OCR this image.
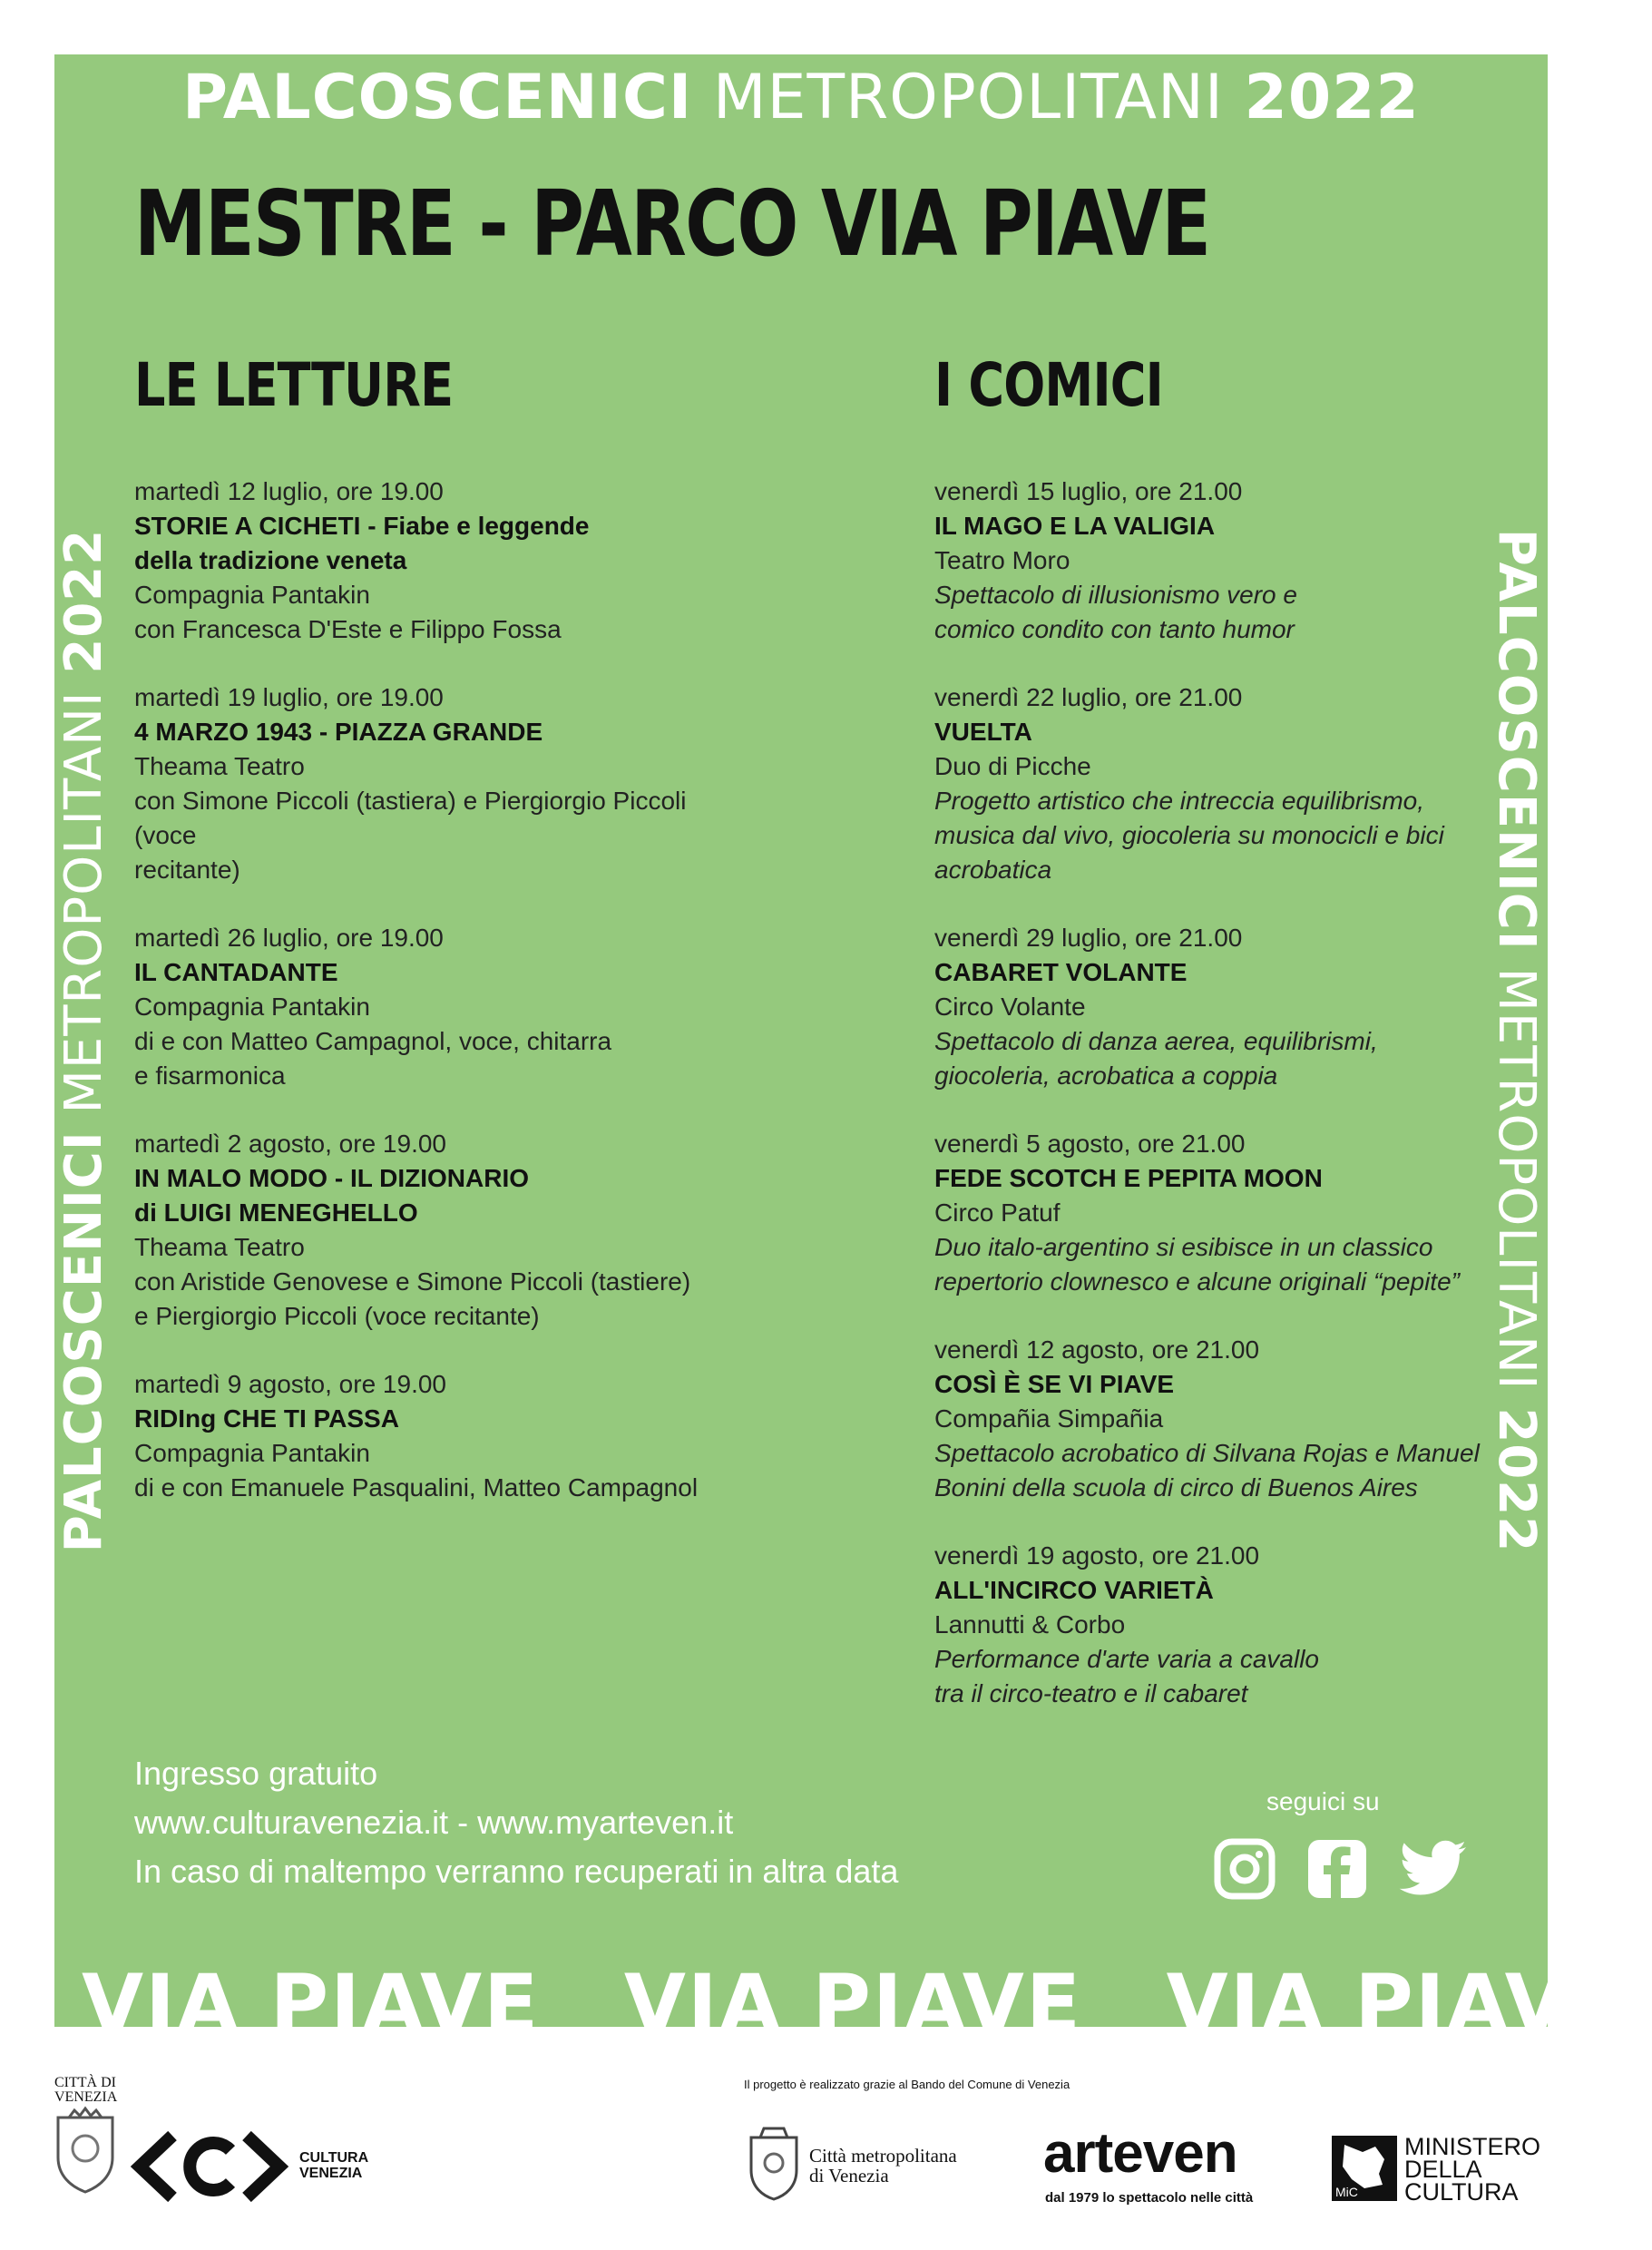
PALCOSCENICI METROPOLITANI 2022
PALCOSCENICI METROPOLITANI 2022	PALCOSCENICI METROPOLITANI 2022
MESTRE - PARCO VIA PIAVE
LE LETTURE
martedì 12 luglio, ore 19.00
STORIE A CICHETI - Fiabe e leggende
della tradizione veneta
Compagnia Pantakin
con Francesca D'Este e Filippo Fossa
martedì 19 luglio, ore 19.00
4 MARZO 1943 - PIAZZA GRANDE
Theama Teatro
con Simone Piccoli (tastiera) e Piergiorgio Piccoli (voce
recitante)
martedì 26 luglio, ore 19.00
IL CANTADANTE
Compagnia Pantakin
di e con Matteo Campagnol, voce, chitarra
e fisarmonica
martedì 2 agosto, ore 19.00
IN MALO MODO - IL DIZIONARIO
di LUIGI MENEGHELLO
Theama Teatro
con Aristide Genovese e Simone Piccoli (tastiere)
e Piergiorgio Piccoli (voce recitante)
martedì 9 agosto, ore 19.00
RIDIng CHE TI PASSA
Compagnia Pantakin
di e con Emanuele Pasqualini, Matteo Campagnol
I COMICI
venerdì 15 luglio, ore 21.00
IL MAGO E LA VALIGIA
Teatro Moro
Spettacolo di illusionismo vero e
comico condito con tanto humor
venerdì 22 luglio, ore 21.00
VUELTA
Duo di Picche
Progetto artistico che intreccia equilibrismo,
musica dal vivo, giocoleria su monocicli e bici
acrobatica
venerdì 29 luglio, ore 21.00
CABARET VOLANTE
Circo Volante
Spettacolo di danza aerea, equilibrismi,
giocoleria, acrobatica a coppia
venerdì 5 agosto, ore 21.00
FEDE SCOTCH E PEPITA MOON
Circo Patuf
Duo italo-argentino si esibisce in un classico
repertorio clownesco e alcune originali “pepite”
venerdì 12 agosto, ore 21.00
COSÌ È SE VI PIAVE
Compañia Simpañia
Spettacolo acrobatico di Silvana Rojas e Manuel
Bonini della scuola di circo di Buenos Aires
venerdì 19 agosto, ore 21.00
ALL'INCIRCO VARIETÀ
Lannutti & Corbo
Performance d'arte varia a cavallo
tra il circo-teatro e il cabaret
Ingresso gratuito
www.culturavenezia.it - www.myarteven.it
In caso di maltempo verranno recuperati in altra data
seguici su
VIA PIAVE VIA PIAVE VIA PIAVE
CITTÀ DI
VENEZIA
CULTURA
VENEZIA
Il progetto è realizzato grazie al Bando del Comune di Venezia
Città metropolitana
di Venezia	arteven
dal 1979 lo spettacolo nelle città	MiC
MINISTERO
DELLA
CULTURA
